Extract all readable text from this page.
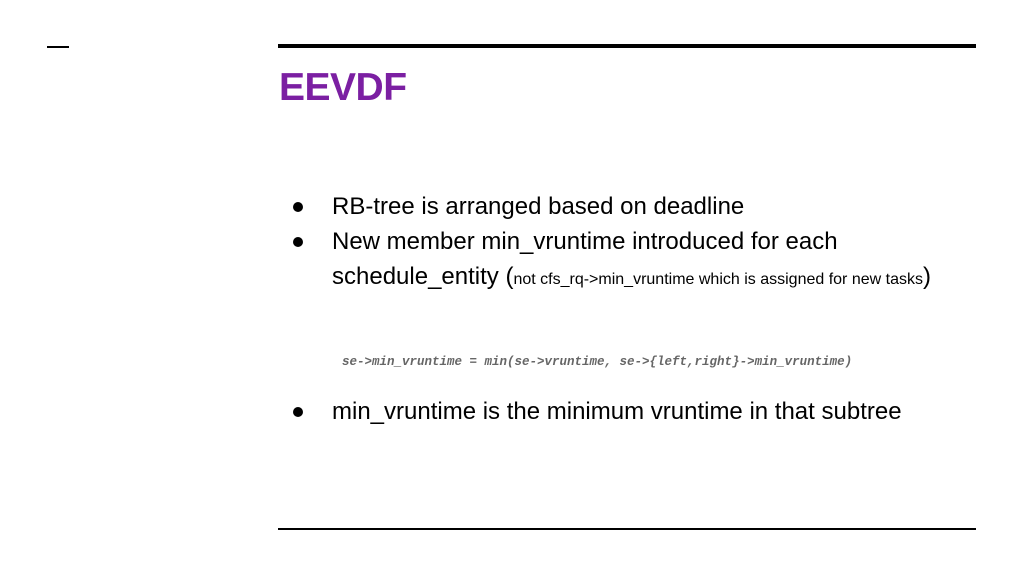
EEVDF
RB-tree is arranged based on deadline
New member min_vruntime introduced for each schedule_entity (not cfs_rq->min_vruntime which is assigned for new tasks)

se->min_vruntime = min(se->vruntime, se->{left,right}->min_vruntime)

min_vruntime is the minimum vruntime in that subtree
